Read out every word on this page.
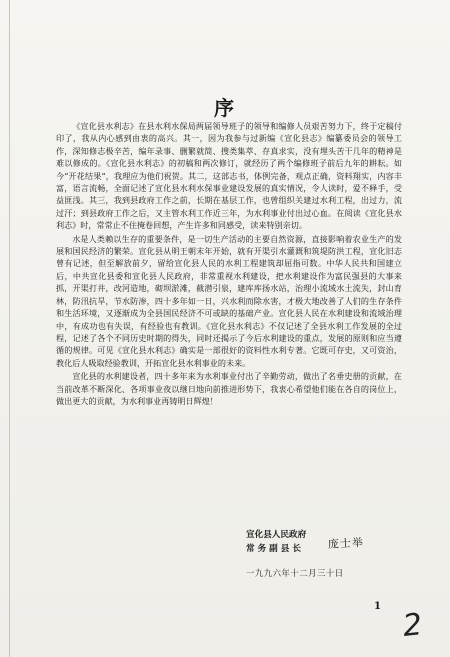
序

《宣化县水利志》在县水利水保局两届领导班子的领导和编修人员艰苦努力下，终于定稿付印了，我从内心感到由衷的高兴。其一，因为我参与过新编《宣化县志》编纂委员会的领导工作，深知修志极辛苦，编年录事、删繁就简、搜类集萃、存真求实，没有埋头苦干几年的精神是难以修成的。《宣化县水利志》的初稿和两次修订，就经历了两个编修班子前后九年的耕耘。如今“开花结果”，我理应为他们祝贺。其二，这部志书，体例完备，观点正确，资料翔实，内容丰富，语言流畅，全面记述了宣化县水利水保事业建设发展的真实情况，令人读时，爱不释手，受益匪浅。其三，我到县政府工作之前，长期在基层工作，也曾组织关建过水利工程，出过力，流过汗；到县政府工作之后，又主管水利工作近三年，为水利事业付出过心血。在阅读《宣化县水利志》时，常常止不住掩卷回想，产生许多和同感受，读来特别亲切。

水是人类赖以生存的重要条件，是一切生产活动的主要自然资源，直接影响着农业生产的发展和国民经济的繁荣。宣化县从明王朝末年开始，就有开渠引水灌溉和筑堤防洪工程，宣化旧志曾有记述，但至解放前夕，留给宣化县人民的水利工程建筑却屈指可数。中华人民共和国建立后，中共宣化县委和宣化县人民政府，非常重视水利建设，把水利建设作为富民强县的大事来抓，开渠打井，改河造地，砌坝淤滩，截潜引泉，建库库扬水站，治理小流域水土流失，封山育林，防汛抗旱，节水防渗，四十多年如一日，兴水利而除水害，才极大地改善了人们的生存条件和生活环境，又逐渐成为全县国民经济不可或缺的基础产业。宣化县人民在水利建设和流域治理中，有成功也有失误，有经验也有教训。《宣化县水利志》不仅记述了全县水利工作发展的全过程，记述了各个不同历史时期的得失，同时还揭示了今后水利建设的重点，发展的原则和应当遵循的规律。可见《宣化县水利志》确实是一部很好的资料性水利专著。它既可存史，又可资治，教化后人吸取经验教训，开拓宣化县水利事业的未来。

宣化县的水利建设者，四十多年来为水利事业付出了辛勤劳动，做出了名垂史册的贡献，在当前改革不断深化、各项事业夜以继日地向前推进形势下，我衷心希望他们能在各自的岗位上，做出更大的贡献，为水利事业再铸明日辉煌！

宣化县人民政府
常 务 副 县 长	庞士举
一九九六年十二月三十日
1
2
